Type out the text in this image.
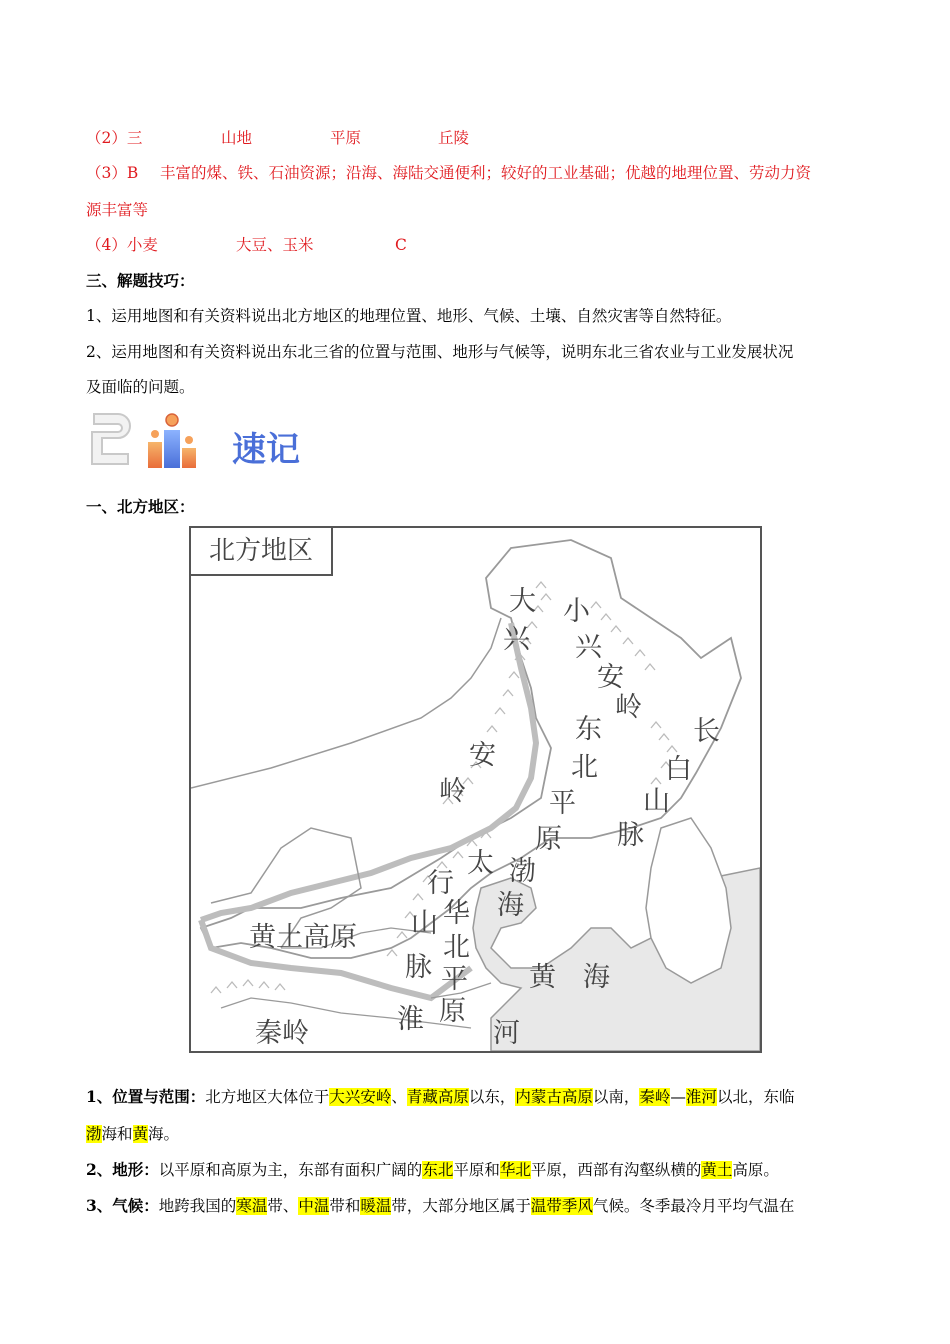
（2）三	山地	平原	丘陵
（3）B 丰富的煤、铁、石油资源；沿海、海陆交通便利；较好的工业基础；优越的地理位置、劳动力资
源丰富等
（4）小麦	大豆、玉米	C
三、解题技巧：
1、运用地图和有关资料说出北方地区的地理位置、地形、气候、土壤、自然灾害等自然特征。
2、运用地图和有关资料说出东北三省的位置与范围、地形与气候等，说明东北三省农业与工业发展状况
及面临的问题。
速记
一、北方地区：
大
兴
安
岭
小
兴
安
岭
长
白
山
脉
东
北
平
原
太
行
山
脉
华
北
平
原
渤
海
黄 海
黄土高原
秦岭	淮	河
北方地区
1、位置与范围：北方地区大体位于大兴安岭、青藏高原以东，内蒙古高原以南，秦岭—淮河以北，东临
渤海和黄海。
2、地形：以平原和高原为主，东部有面积广阔的东北平原和华北平原，西部有沟壑纵横的黄土高原。
3、气候：地跨我国的寒温带、中温带和暖温带，大部分地区属于温带季风气候。冬季最冷月平均气温在
